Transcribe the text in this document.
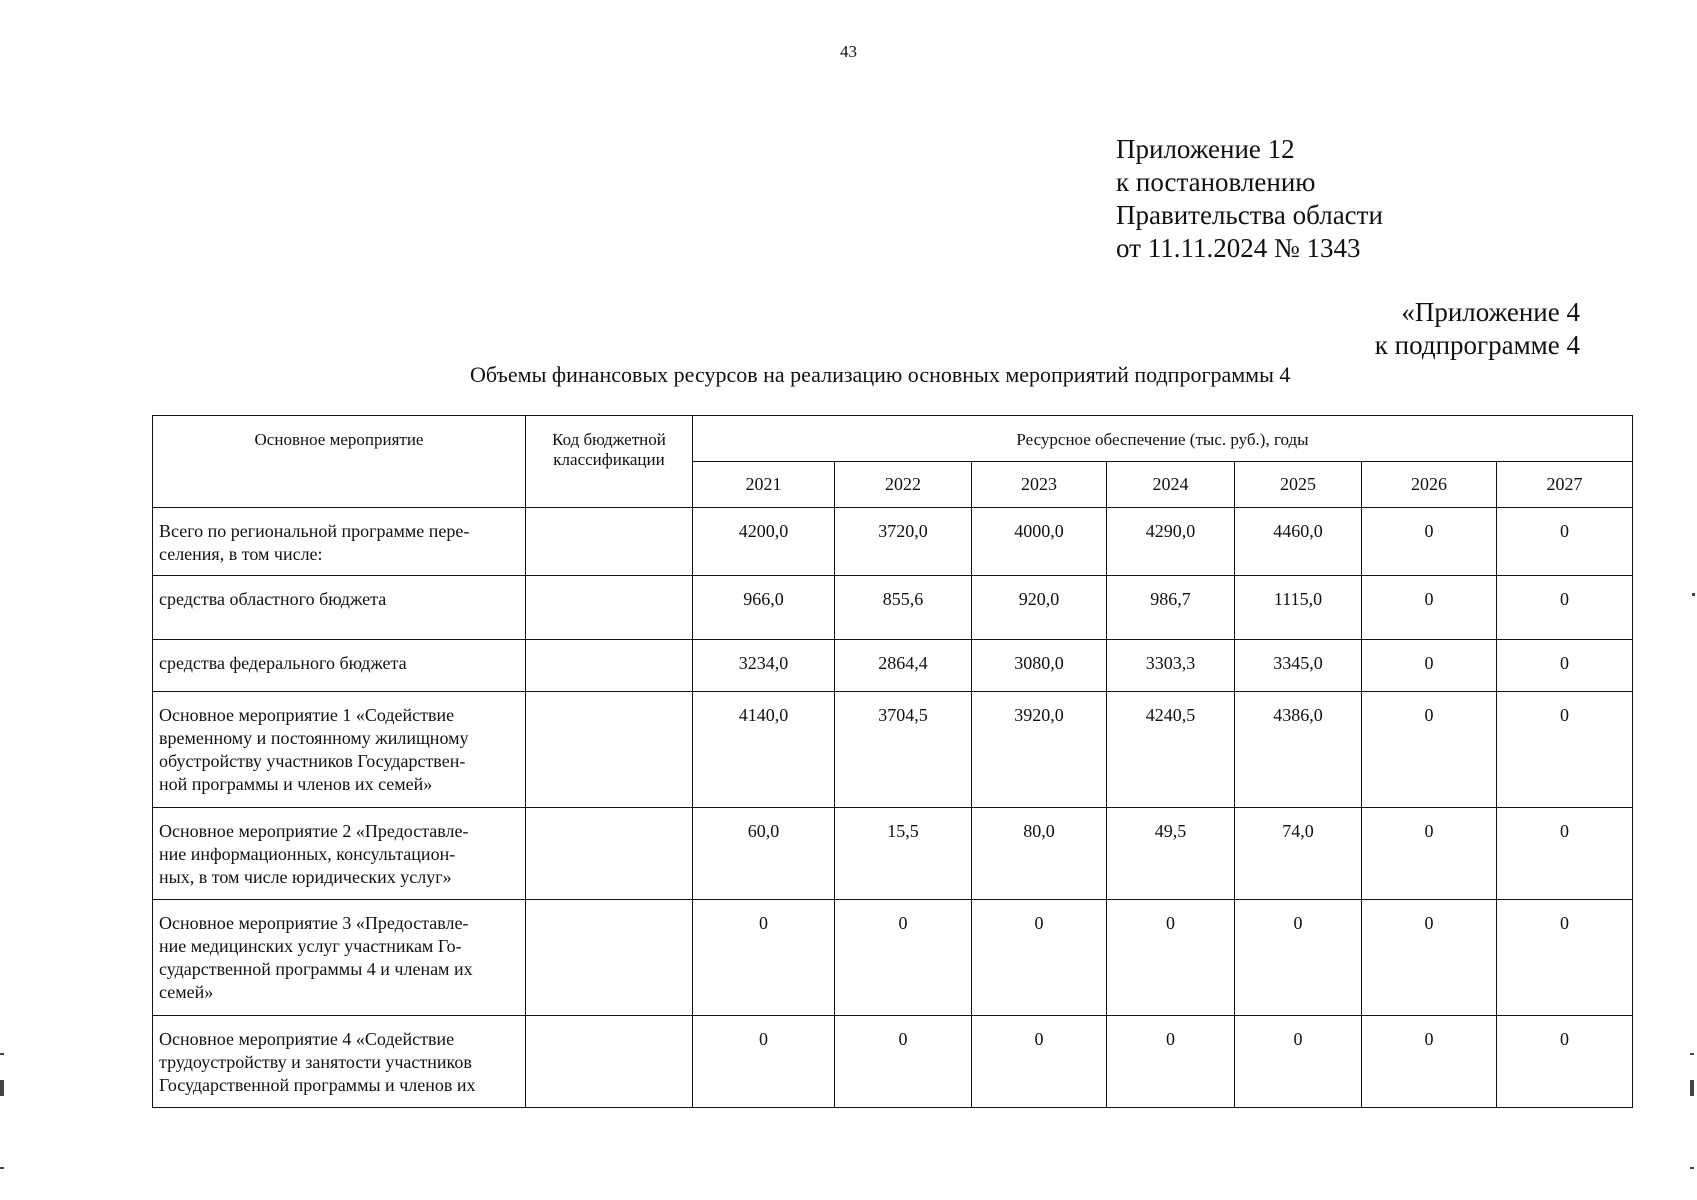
43
Приложение 12
к постановлению
Правительства области
от 11.11.2024 № 1343
«Приложение 4
к подпрограмме 4
Объемы финансовых ресурсов на реализацию основных мероприятий подпрограммы 4
Основное мероприятие	Код бюджетной
классификации	Ресурсное обеспечение (тыс. руб.), годы						
		2021	2022	2023	2024	2025	2026	2027

Всего по региональной программе пере-
селения, в том числе:		4200,0	3720,0	4000,0	4290,0	4460,0	0	0

средства областного бюджета		966,0	855,6	920,0	986,7	1115,0	0	0

средства федерального бюджета		3234,0	2864,4	3080,0	3303,3	3345,0	0	0

Основное мероприятие 1 «Содействие
временному и постоянному жилищному
обустройству участников Государствен-
ной программы и членов их семей»		4140,0	3704,5	3920,0	4240,5	4386,0	0	0

Основное мероприятие 2 «Предоставле-
ние информационных, консультацион-
ных, в том числе юридических услуг»		60,0	15,5	80,0	49,5	74,0	0	0

Основное мероприятие 3 «Предоставле-
ние медицинских услуг участникам Го-
сударственной программы 4 и членам их
семей»		0	0	0	0	0	0	0

Основное мероприятие 4 «Содействие
трудоустройству и занятости участников
Государственной программы и членов их		0	0	0	0	0	0	0
